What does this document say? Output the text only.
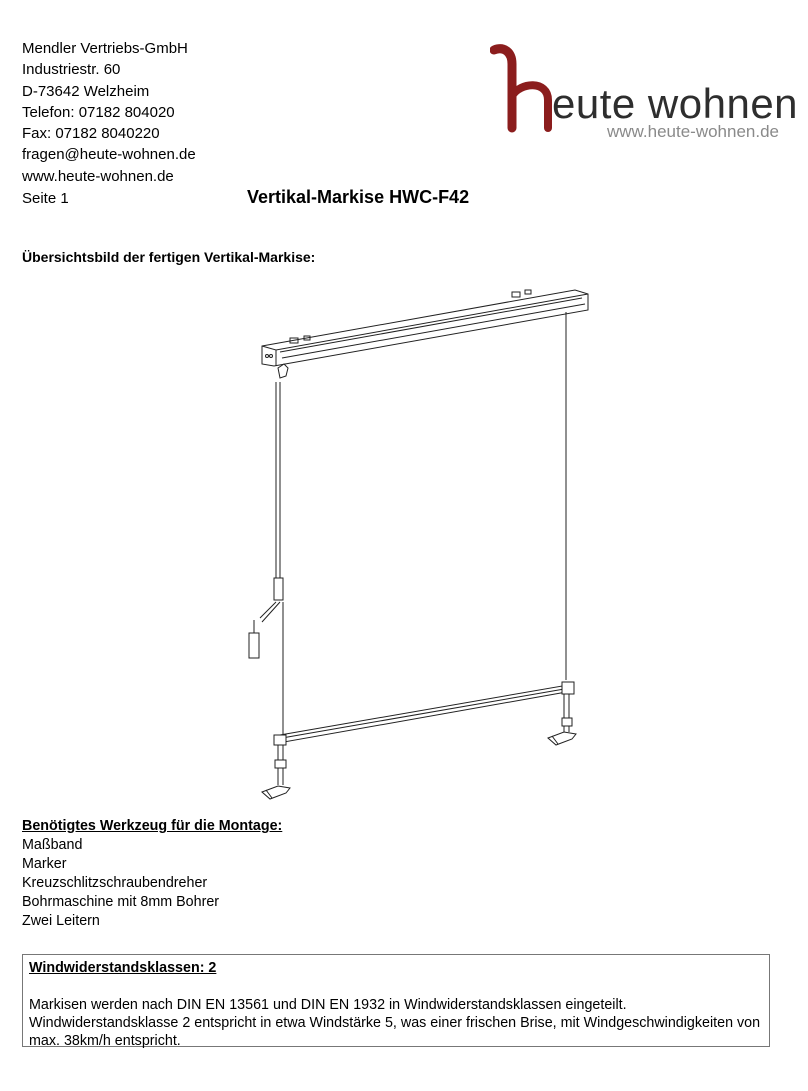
Mendler Vertriebs-GmbH
Industriestr. 60
D-73642 Welzheim
Telefon: 07182 804020
Fax: 07182 8040220
fragen@heute-wohnen.de
www.heute-wohnen.de
eute wohnen
www.heute-wohnen.de
Seite 1	Vertikal-Markise HWC-F42
Übersichtsbild der fertigen Vertikal-Markise:
Benötigtes Werkzeug für die Montage:
Maßband
Marker
Kreuzschlitzschraubendreher
Bohrmaschine mit 8mm Bohrer
Zwei Leitern
Windwiderstandsklassen: 2
Markisen werden nach DIN EN 13561 und DIN EN 1932 in Windwiderstandsklassen eingeteilt.
Windwiderstandsklasse 2 entspricht in etwa Windstärke 5, was einer frischen Brise, mit Windgeschwindigkeiten von
max. 38km/h entspricht.
